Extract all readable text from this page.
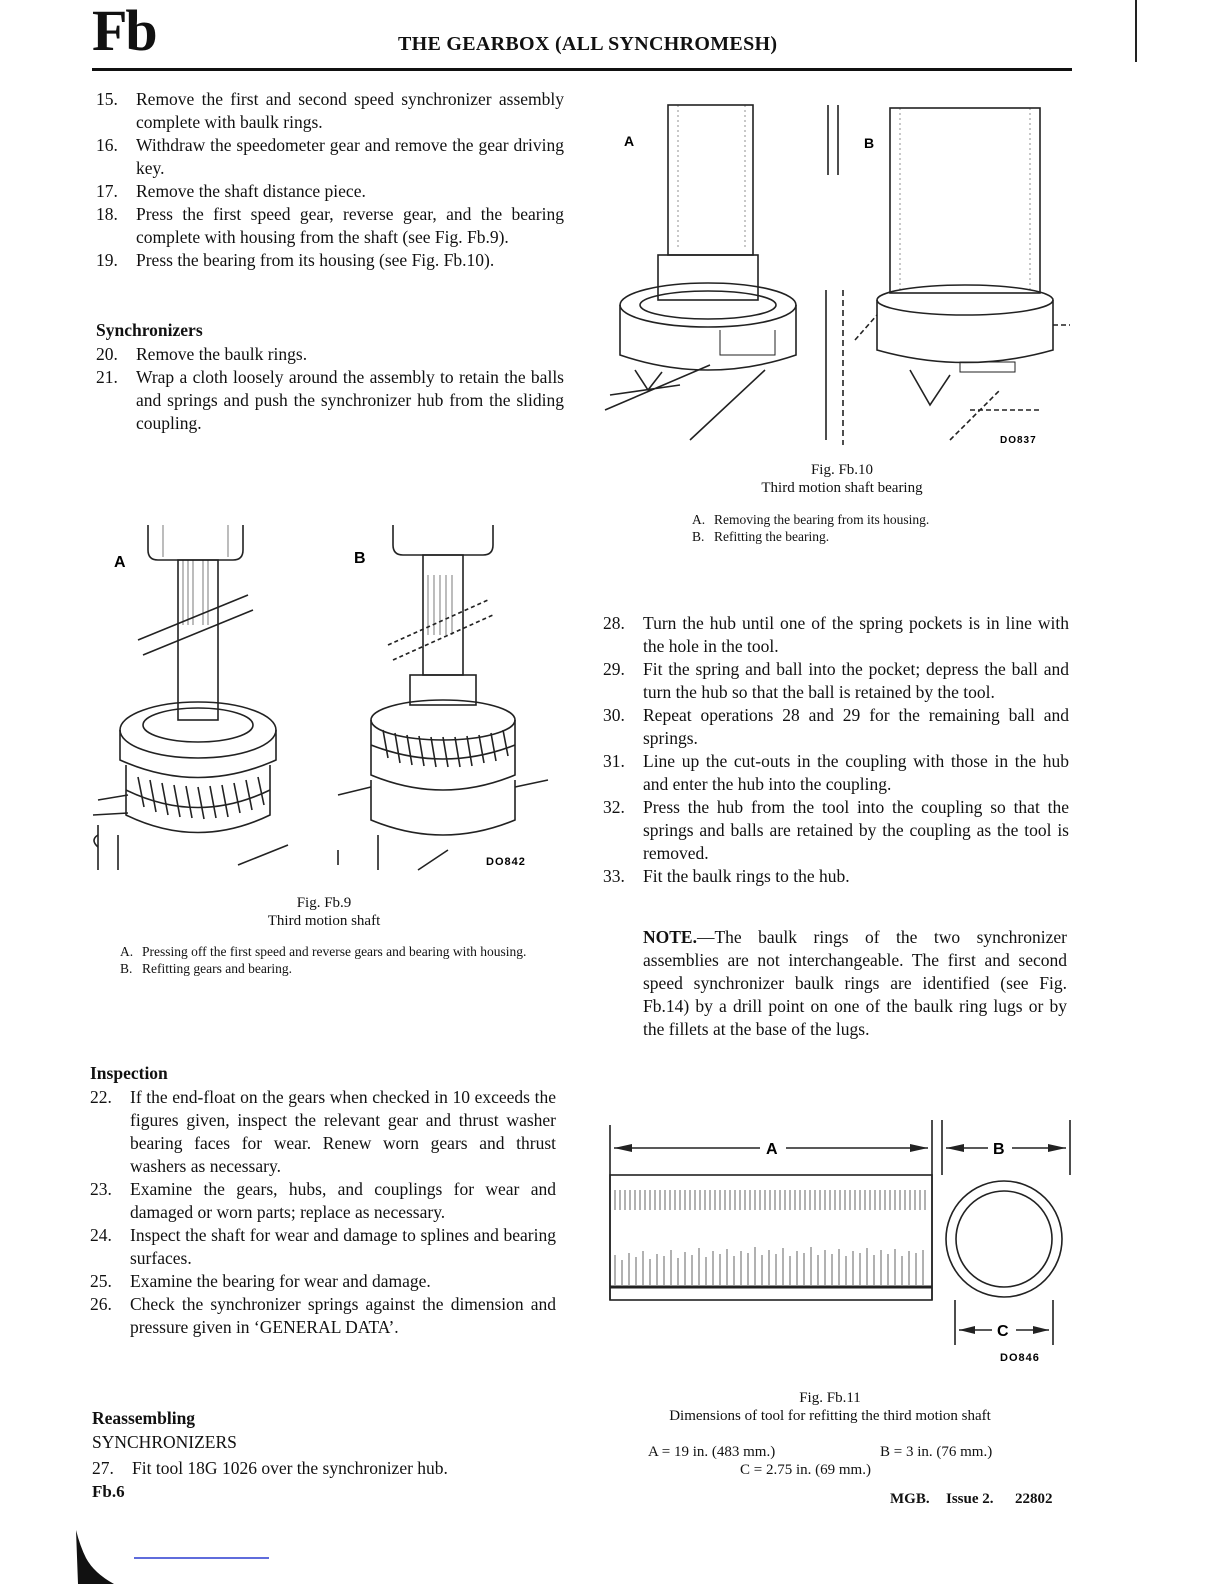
Fb	THE GEARBOX (ALL SYNCHROMESH)
15. Remove the first and second speed synchronizer assembly complete with baulk rings.
16. Withdraw the speedometer gear and remove the gear driving key.
17. Remove the shaft distance piece.
18. Press the first speed gear, reverse gear, and the bearing complete with housing from the shaft (see Fig. Fb.9).
19. Press the bearing from its housing (see Fig. Fb.10).
Synchronizers
20. Remove the baulk rings.
21. Wrap a cloth loosely around the assembly to retain the balls and springs and push the synchronizer hub from the sliding coupling.
A	B
DO842
Fig. Fb.9
Third motion shaft
A. Pressing off the first speed and reverse gears and bearing with housing.
B. Refitting gears and bearing.
Inspection
22. If the end-float on the gears when checked in 10 exceeds the figures given, inspect the relevant gear and thrust washer bearing faces for wear. Renew worn gears and thrust washers as necessary.
23. Examine the gears, hubs, and couplings for wear and damaged or worn parts; replace as necessary.
24. Inspect the shaft for wear and damage to splines and bearing surfaces.
25. Examine the bearing for wear and damage.
26. Check the synchronizer springs against the dimension and pressure given in ‘GENERAL DATA’.
Reassembling
SYNCHRONIZERS
27. Fit tool 18G 1026 over the synchronizer hub.
Fb.6
A	B
DO837
Fig. Fb.10
Third motion shaft bearing
A. Removing the bearing from its housing.
B. Refitting the bearing.
28. Turn the hub until one of the spring pockets is in line with the hole in the tool.
29. Fit the spring and ball into the pocket; depress the ball and turn the hub so that the ball is retained by the tool.
30. Repeat operations 28 and 29 for the remaining ball and springs.
31. Line up the cut-outs in the coupling with those in the hub and enter the hub into the coupling.
32. Press the hub from the tool into the coupling so that the springs and balls are retained by the coupling as the tool is removed.
33. Fit the baulk rings to the hub.
NOTE.—The baulk rings of the two synchronizer assemblies are not interchangeable. The first and second speed synchronizer baulk rings are identified (see Fig. Fb.14) by a drill point on one of the baulk ring lugs or by the fillets at the base of the lugs.
A	B
C
DO846
Fig. Fb.11
Dimensions of tool for refitting the third motion shaft
A = 19 in. (483 mm.)	B = 3 in. (76 mm.)
C = 2.75 in. (69 mm.)
MGB. Issue 2. 22802
